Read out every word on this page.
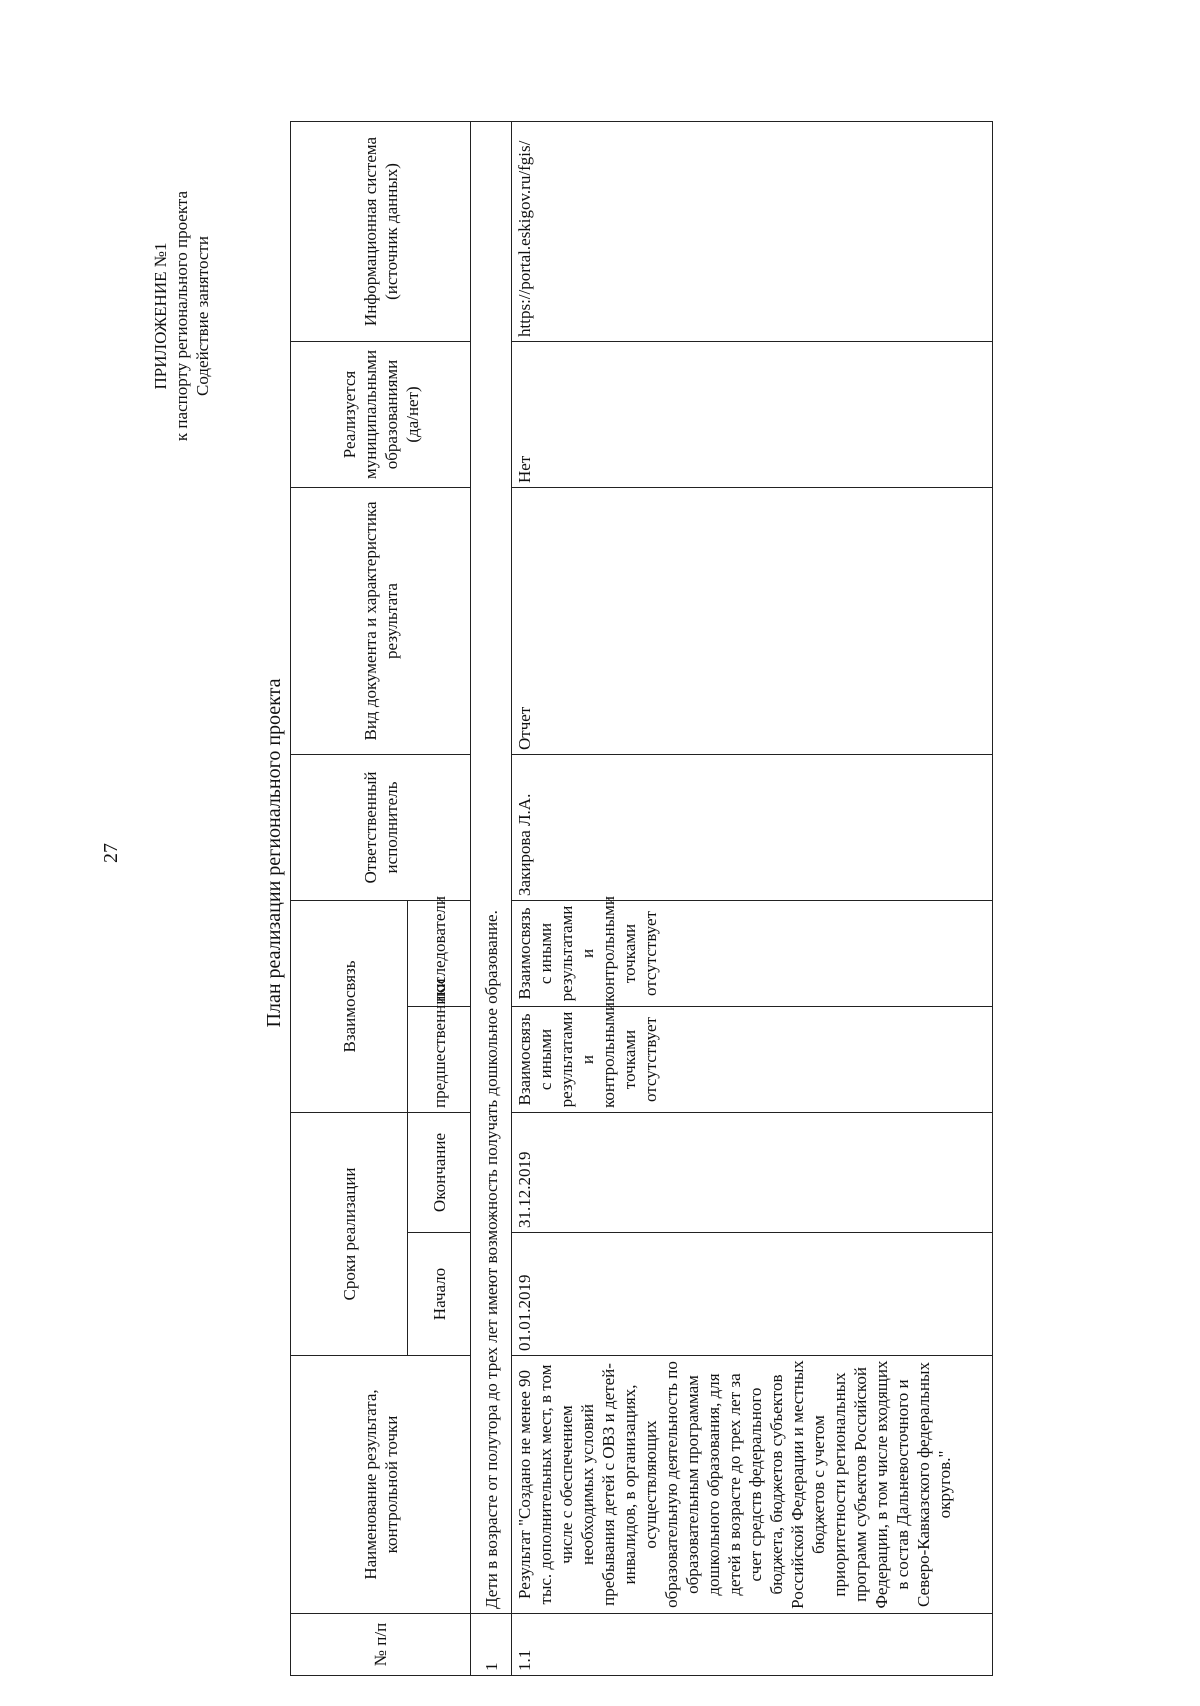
27
ПРИЛОЖЕНИЕ №1 к паспорту регионального проекта Содействие занятости
План реализации регионального проекта
№ п/п	Наименование результата, контрольной точки	Сроки реализации		Взаимосвязь		Ответственный исполнитель	Вид документа и характеристика результата	Реализуется муниципальными образованиями (да/нет)	Информационная система (источник данных)
		Начало	Окончание	предшественники	последователи				
1	Дети в возрасте от полутора до трех лет имеют возможность получать дошкольное образование.								
1.1	Результат "Создано не менее 90 тыс. дополнительных мест, в том числе с обеспечением необходимых условий пребывания детей с ОВЗ и детей-инвалидов, в организациях, осуществляющих образовательную деятельность по образовательным программам дошкольного образования, для детей в возрасте до трех лет за счет средств федерального бюджета, бюджетов субъектов Российской Федерации и местных бюджетов с учетом приоритетности региональных программ субъектов Российской Федерации, в том числе входящих в состав Дальневосточного и Северо-Кавказского федеральных округов."	01.01.2019	31.12.2019	Взаимосвязь с иными результатами и контрольными точками отсутствует	Взаимосвязь с иными результатами и контрольными точками отсутствует	Закирова Л.А.	Отчет	Нет	https://portal.eskigov.ru/fgis/
